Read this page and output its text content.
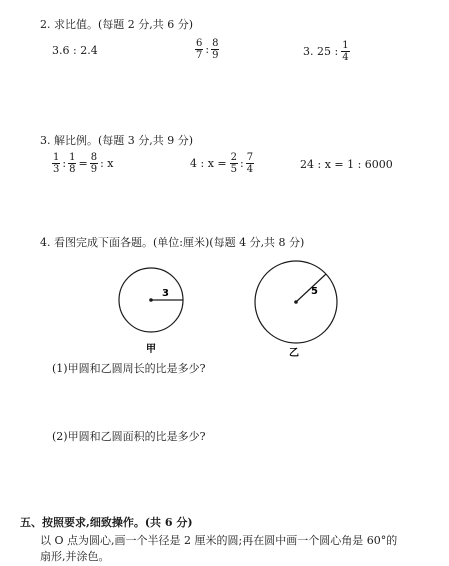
2. 求比值。(每题 2 分,共 6 分)
3.6 : 2.4	$\frac{6}{7}$ : $\frac{8}{9}$	3. 25 : $\frac{1}{4}$
3. 解比例。(每题 3 分,共 9 分)
$\frac{1}{3}$ : $\frac{1}{8} = \frac{8}{9}$ : x	4 : $x = \frac{2}{5}$ : $\frac{7}{4}$	24 : x = 1 : 6000
4. 看图完成下面各题。(单位:厘米)(每题 4 分,共 8 分)
3
甲
5
乙
(1)甲圆和乙圆周长的比是多少?
(2)甲圆和乙圆面积的比是多少?
五、按照要求,细致操作。(共 6 分)
以 O 点为圆心,画一个半径是 2 厘米的圆;再在圆中画一个圆心角是 60°的
扇形,并涂色。
